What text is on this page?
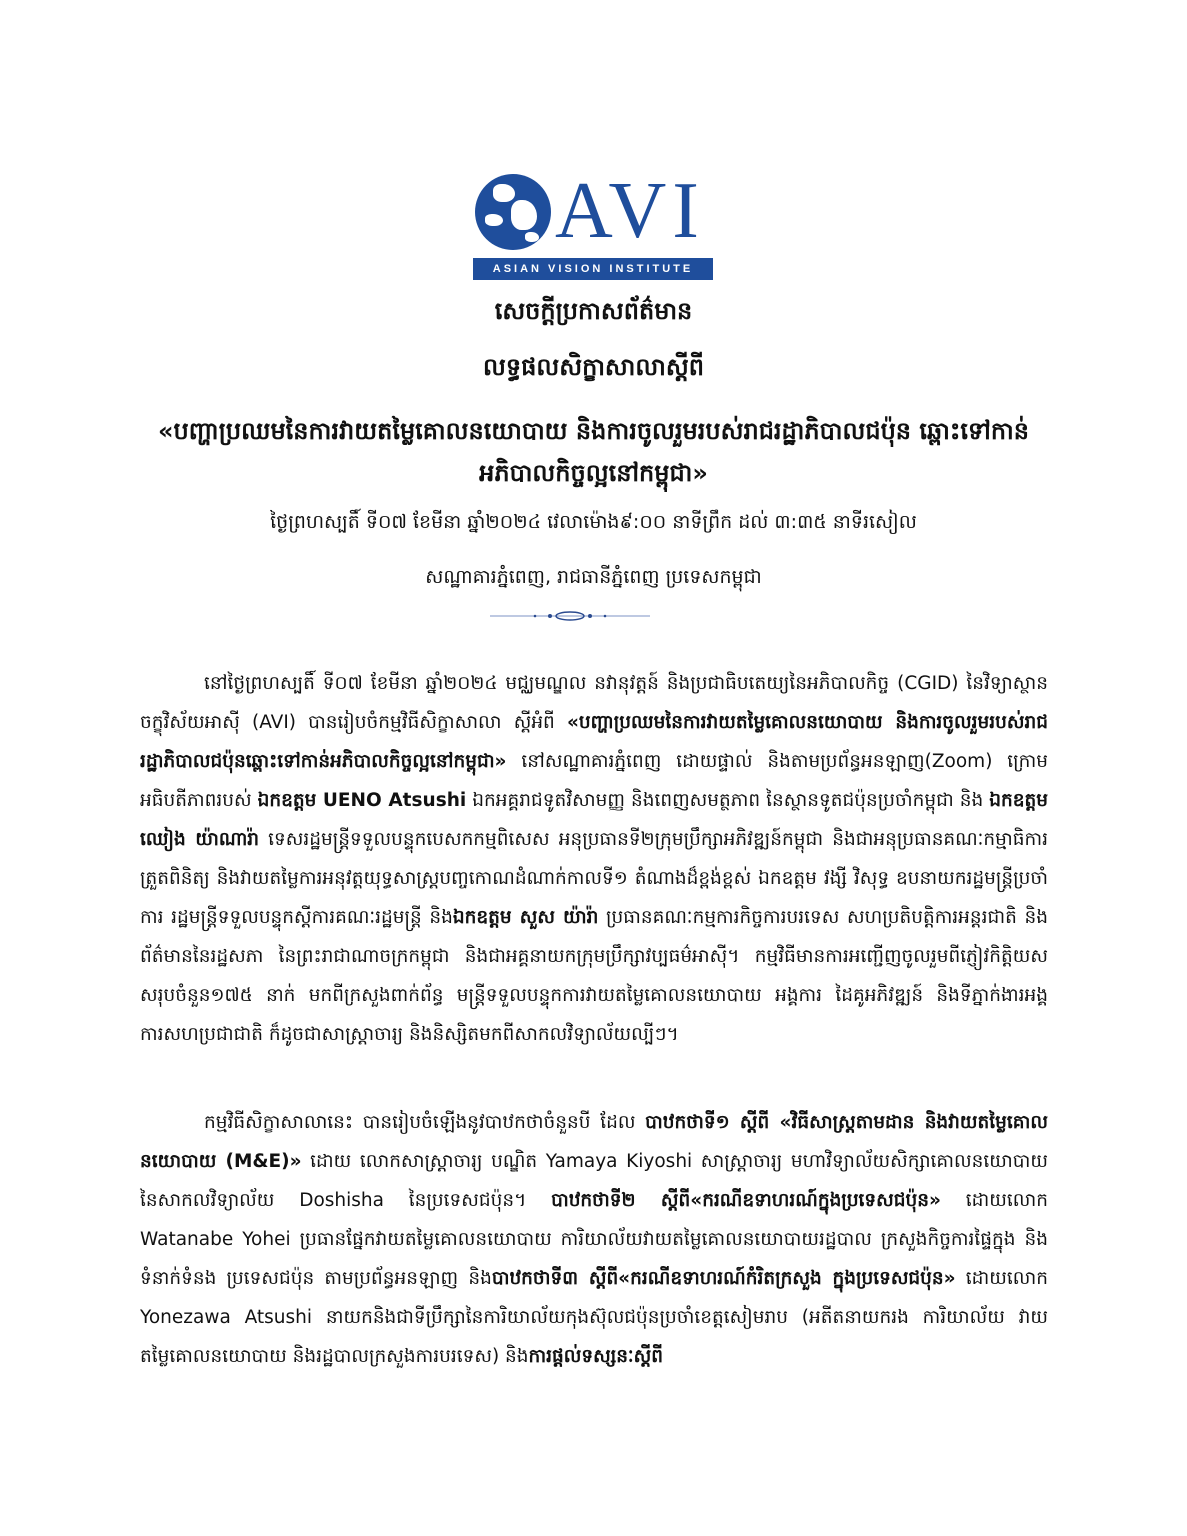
AVI
ASIAN VISION INSTITUTE
សេចក្តីប្រកាសព័ត៌មាន
លទ្ធផលសិក្ខាសាលាស្តីពី
«បញ្ហាប្រឈមនៃការវាយតម្លៃគោលនយោបាយ និងការចូលរួមរបស់រាជរដ្ឋាភិបាលជប៉ុន ឆ្ពោះទៅកាន់អភិបាលកិច្ចល្អនៅកម្ពុជា»
ថ្ងៃព្រហស្បតិ៍ ទី០៧ ខែមីនា ឆ្នាំ២០២៤ វេលាម៉ោង៩:០០ នាទីព្រឹក ដល់ ៣:៣៥ នាទីរសៀល
សណ្ឋាគារភ្នំពេញ, រាជធានីភ្នំពេញ ប្រទេសកម្ពុជា
នៅថ្ងៃព្រហស្បតិ៍ ទី០៧ ខែមីនា ឆ្នាំ២០២៤ មជ្ឈមណ្ឌល នវានុវត្តន៍ និងប្រជាធិបតេយ្យនៃអភិបាលកិច្ច (CGID) នៃវិទ្យាស្ថានចក្ខុវិស័យអាស៊ី (AVI) បានរៀបចំកម្មវិធីសិក្ខាសាលា ស្តីអំពី «បញ្ហាប្រឈមនៃការវាយតម្លៃគោលនយោបាយ និងការចូលរួមរបស់រាជរដ្ឋាភិបាលជប៉ុនឆ្ពោះទៅកាន់អភិបាលកិច្ចល្អនៅកម្ពុជា» នៅសណ្ឋាគារភ្នំពេញ ដោយផ្ទាល់ និងតាមប្រព័ន្ធអនឡាញ(Zoom) ក្រោមអធិបតីភាពរបស់ ឯកឧត្តម UENO Atsushi ឯកអគ្គរាជទូតវិសាមញ្ញ និងពេញសមត្ថភាព នៃស្ថានទូតជប៉ុនប្រចាំកម្ពុជា និង ឯកឧត្តម ឈៀង យ៉ាណារ៉ា ទេសរដ្ឋមន្ត្រីទទួលបន្ទុកបេសកកម្មពិសេស អនុប្រធានទី២ក្រុមប្រឹក្សាអភិវឌ្ឍន៍កម្ពុជា និងជាអនុប្រធានគណៈកម្មាធិការត្រួតពិនិត្យ និងវាយតម្លៃការអនុវត្តយុទ្ធសាស្ត្របញ្ចកោណដំណាក់កាលទី១ តំណាងដ៏ខ្ពង់ខ្ពស់ ឯកឧត្តម វង្សី វិសុទ្ធ ឧបនាយករដ្ឋមន្ត្រីប្រចាំការ រដ្ឋមន្ត្រីទទួលបន្ទុកស្តីការគណៈរដ្ឋមន្ត្រី និងឯកឧត្តម សួស យ៉ារ៉ា ប្រធានគណៈកម្មការកិច្ចការបរទេស សហប្រតិបត្តិការអន្តរជាតិ និងព័ត៌មាននៃរដ្ឋសភា នៃព្រះរាជាណាចក្រកម្ពុជា និងជាអគ្គនាយកក្រុមប្រឹក្សាវប្បធម៌អាស៊ី។ កម្មវិធីមានការអញ្ជើញចូលរួមពីភ្ញៀវកិត្តិយសសរុបចំនួន១៧៥ នាក់ មកពីក្រសួងពាក់ព័ន្ធ មន្ត្រីទទួលបន្ទុកការវាយតម្លៃគោលនយោបាយ អង្គការ ដៃគូអភិវឌ្ឍន៍ និងទីភ្នាក់ងារអង្គការសហប្រជាជាតិ ក៏ដូចជាសាស្ត្រាចារ្យ និងនិស្សិតមកពីសាកលវិទ្យាល័យល្បីៗ។
កម្មវិធីសិក្ខាសាលានេះ បានរៀបចំឡើងនូវបាឋកថាចំនួនបី ដែល បាឋកថាទី១ ស្តីពី «វិធីសាស្ត្រតាមដាន និងវាយតម្លៃគោលនយោបាយ (M&E)» ដោយ លោកសាស្ត្រាចារ្យ បណ្ឌិត Yamaya Kiyoshi សាស្ត្រាចារ្យ មហាវិទ្យាល័យសិក្សាគោលនយោបាយ នៃសាកលវិទ្យាល័យ Doshisha នៃប្រទេសជប៉ុន។ បាឋកថាទី២ ស្តីពី«ករណីឧទាហរណ៍ក្នុងប្រទេសជប៉ុន» ដោយលោក Watanabe Yohei ប្រធានផ្នែកវាយតម្លៃគោលនយោបាយ ការិយាល័យវាយតម្លៃគោលនយោបាយរដ្ឋបាល ក្រសួងកិច្ចការផ្ទៃក្នុង និងទំនាក់ទំនង ប្រទេសជប៉ុន តាមប្រព័ន្ធអនឡាញ និងបាឋកថាទី៣ ស្តីពី«ករណីឧទាហរណ៍កំរិតក្រសួង ក្នុងប្រទេសជប៉ុន» ដោយលោក Yonezawa Atsushi នាយកនិងជាទីប្រឹក្សានៃការិយាល័យកុងស៊ុលជប៉ុនប្រចាំខេត្តសៀមរាប (អតីតនាយករង ការិយាល័យ វាយតម្លៃគោលនយោបាយ និងរដ្ឋបាលក្រសួងការបរទេស) និងការផ្តល់ទស្សនៈស្តីពី
